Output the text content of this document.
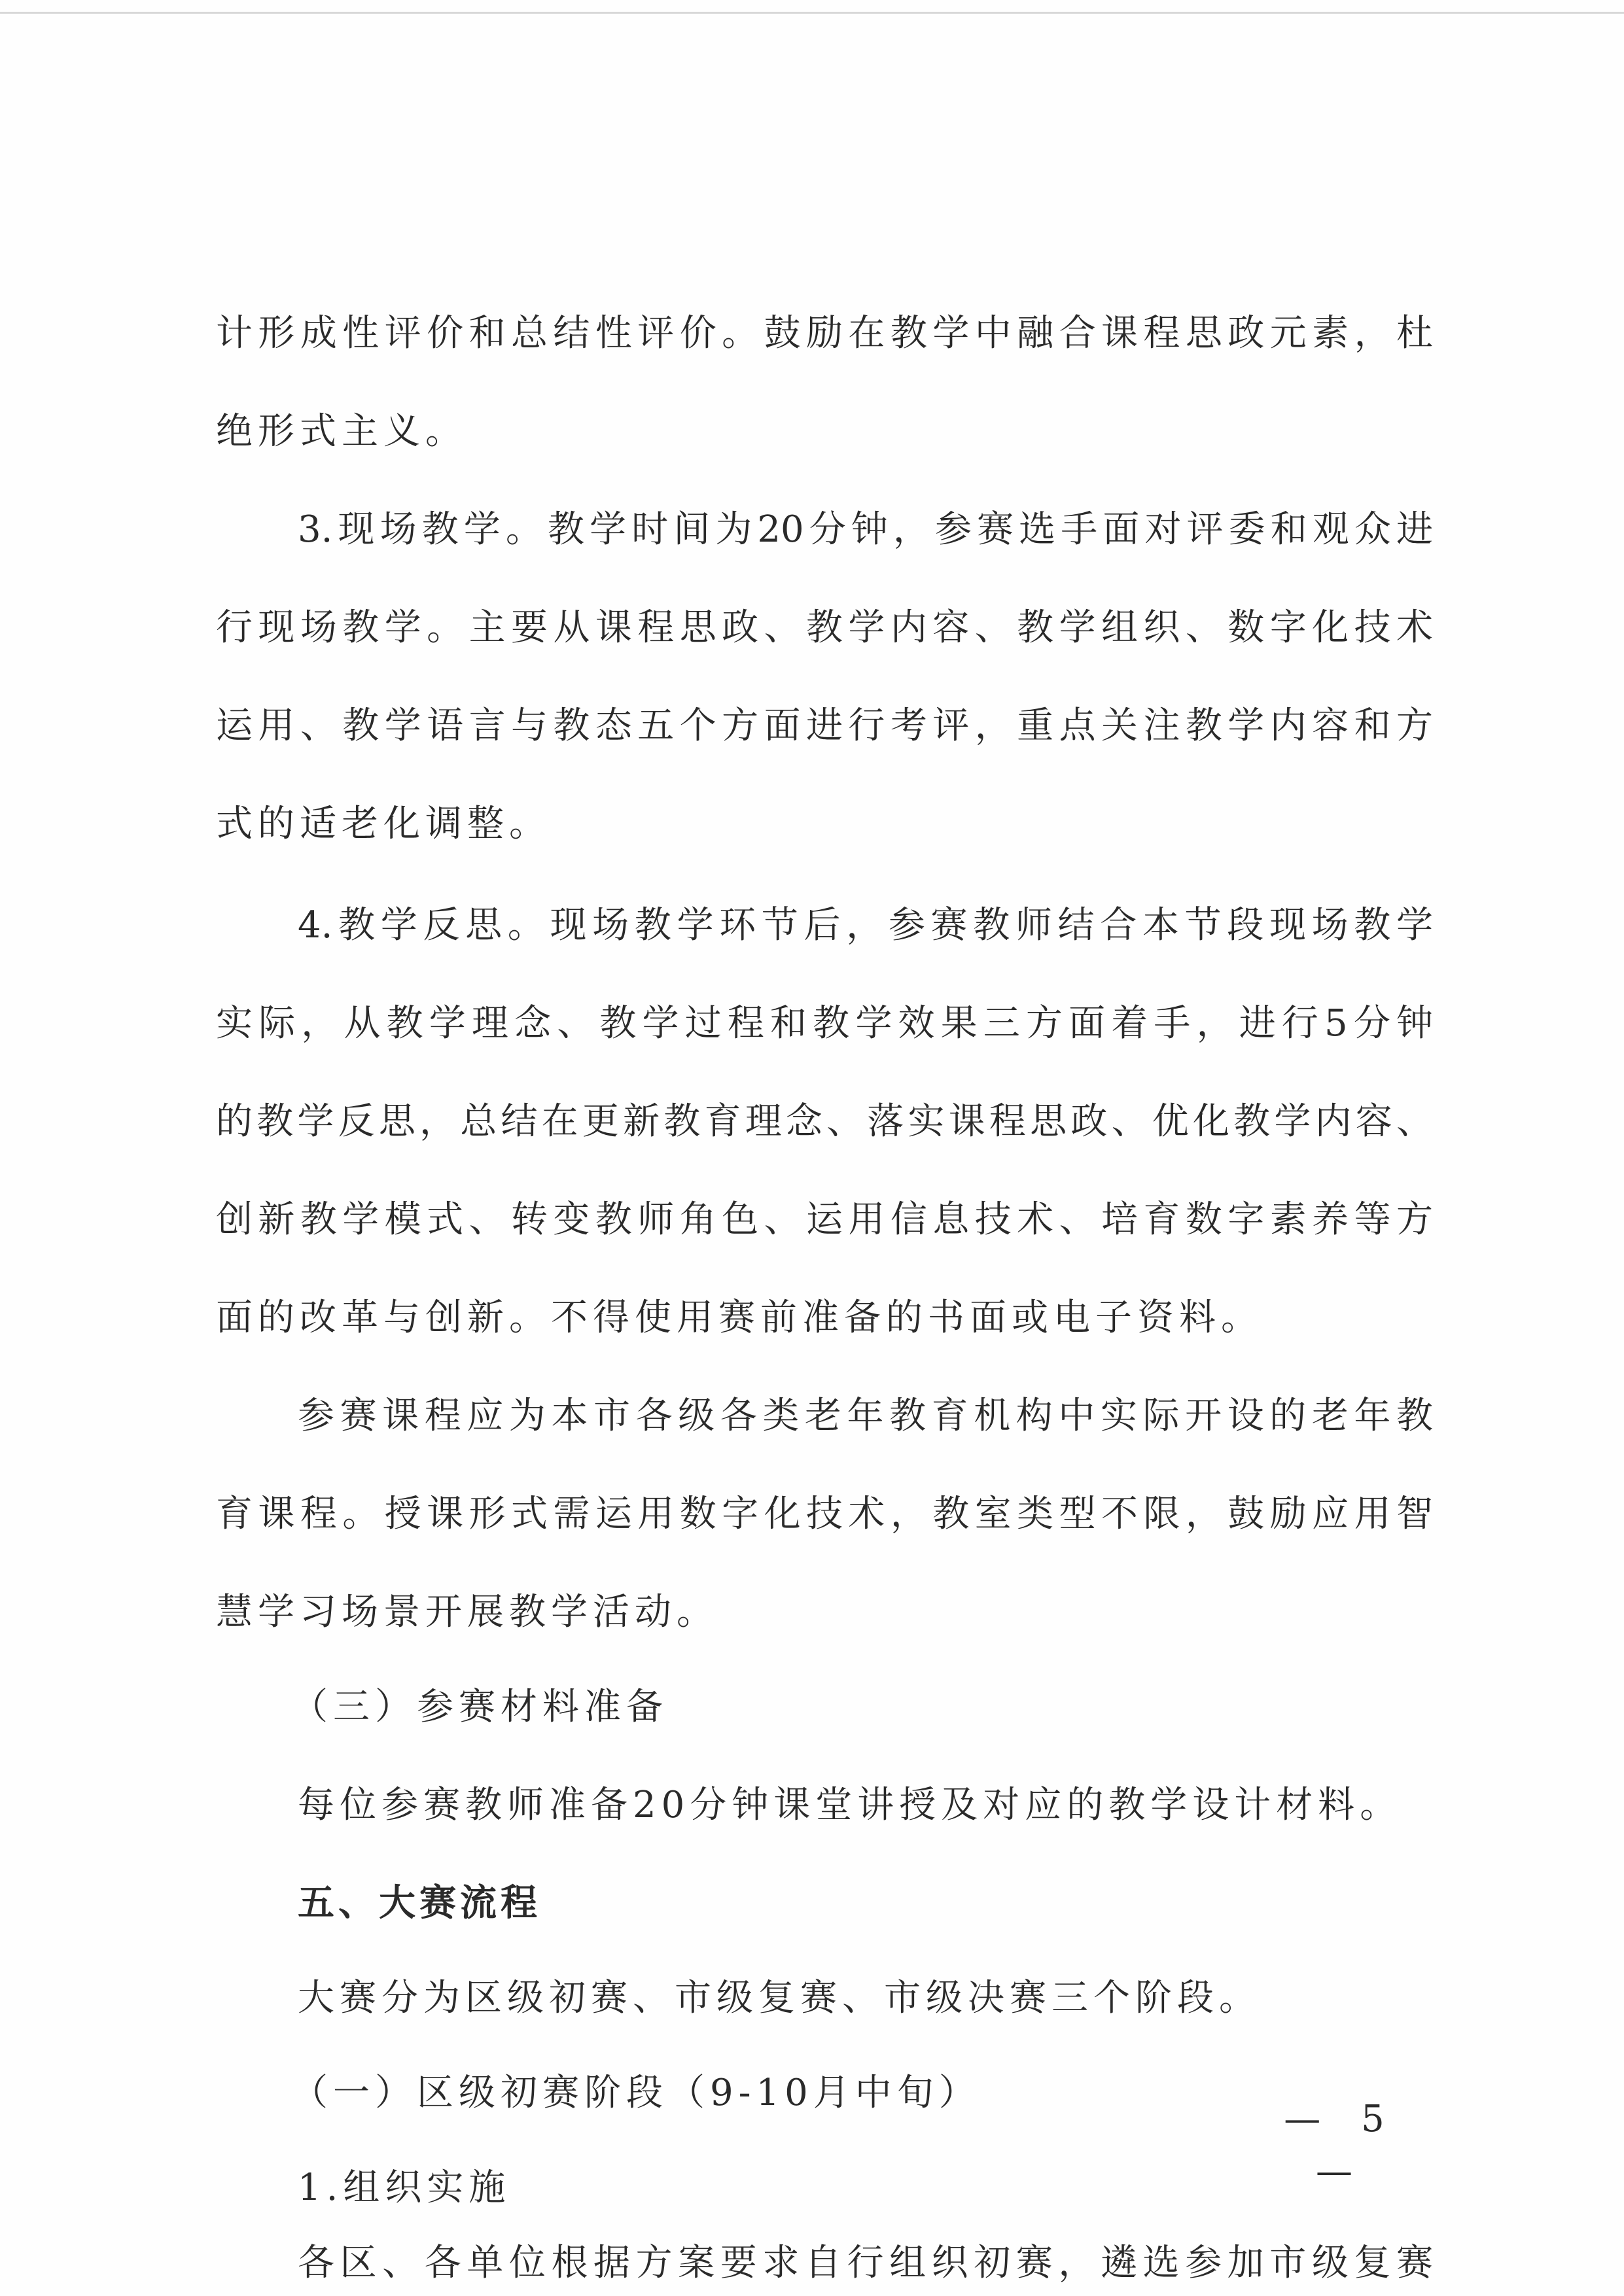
计形成性评价和总结性评价。鼓励在教学中融合课程思政元素，杜

绝形式主义。

3.现场教学。教学时间为20分钟，参赛选手面对评委和观众进

行现场教学。主要从课程思政、教学内容、教学组织、数字化技术

运用、教学语言与教态五个方面进行考评，重点关注教学内容和方

式的适老化调整。

4.教学反思。现场教学环节后，参赛教师结合本节段现场教学

实际，从教学理念、教学过程和教学效果三方面着手，进行5分钟

的教学反思，总结在更新教育理念、落实课程思政、优化教学内容、

创新教学模式、转变教师角色、运用信息技术、培育数字素养等方

面的改革与创新。不得使用赛前准备的书面或电子资料。

参赛课程应为本市各级各类老年教育机构中实际开设的老年教

育课程。授课形式需运用数字化技术，教室类型不限，鼓励应用智

慧学习场景开展教学活动。

（三）参赛材料准备

每位参赛教师准备20分钟课堂讲授及对应的教学设计材料。

五、大赛流程

大赛分为区级初赛、市级复赛、市级决赛三个阶段。

（一）区级初赛阶段（9-10月中旬）

1.组织实施

各区、各单位根据方案要求自行组织初赛，遴选参加市级复赛

— 5 —
